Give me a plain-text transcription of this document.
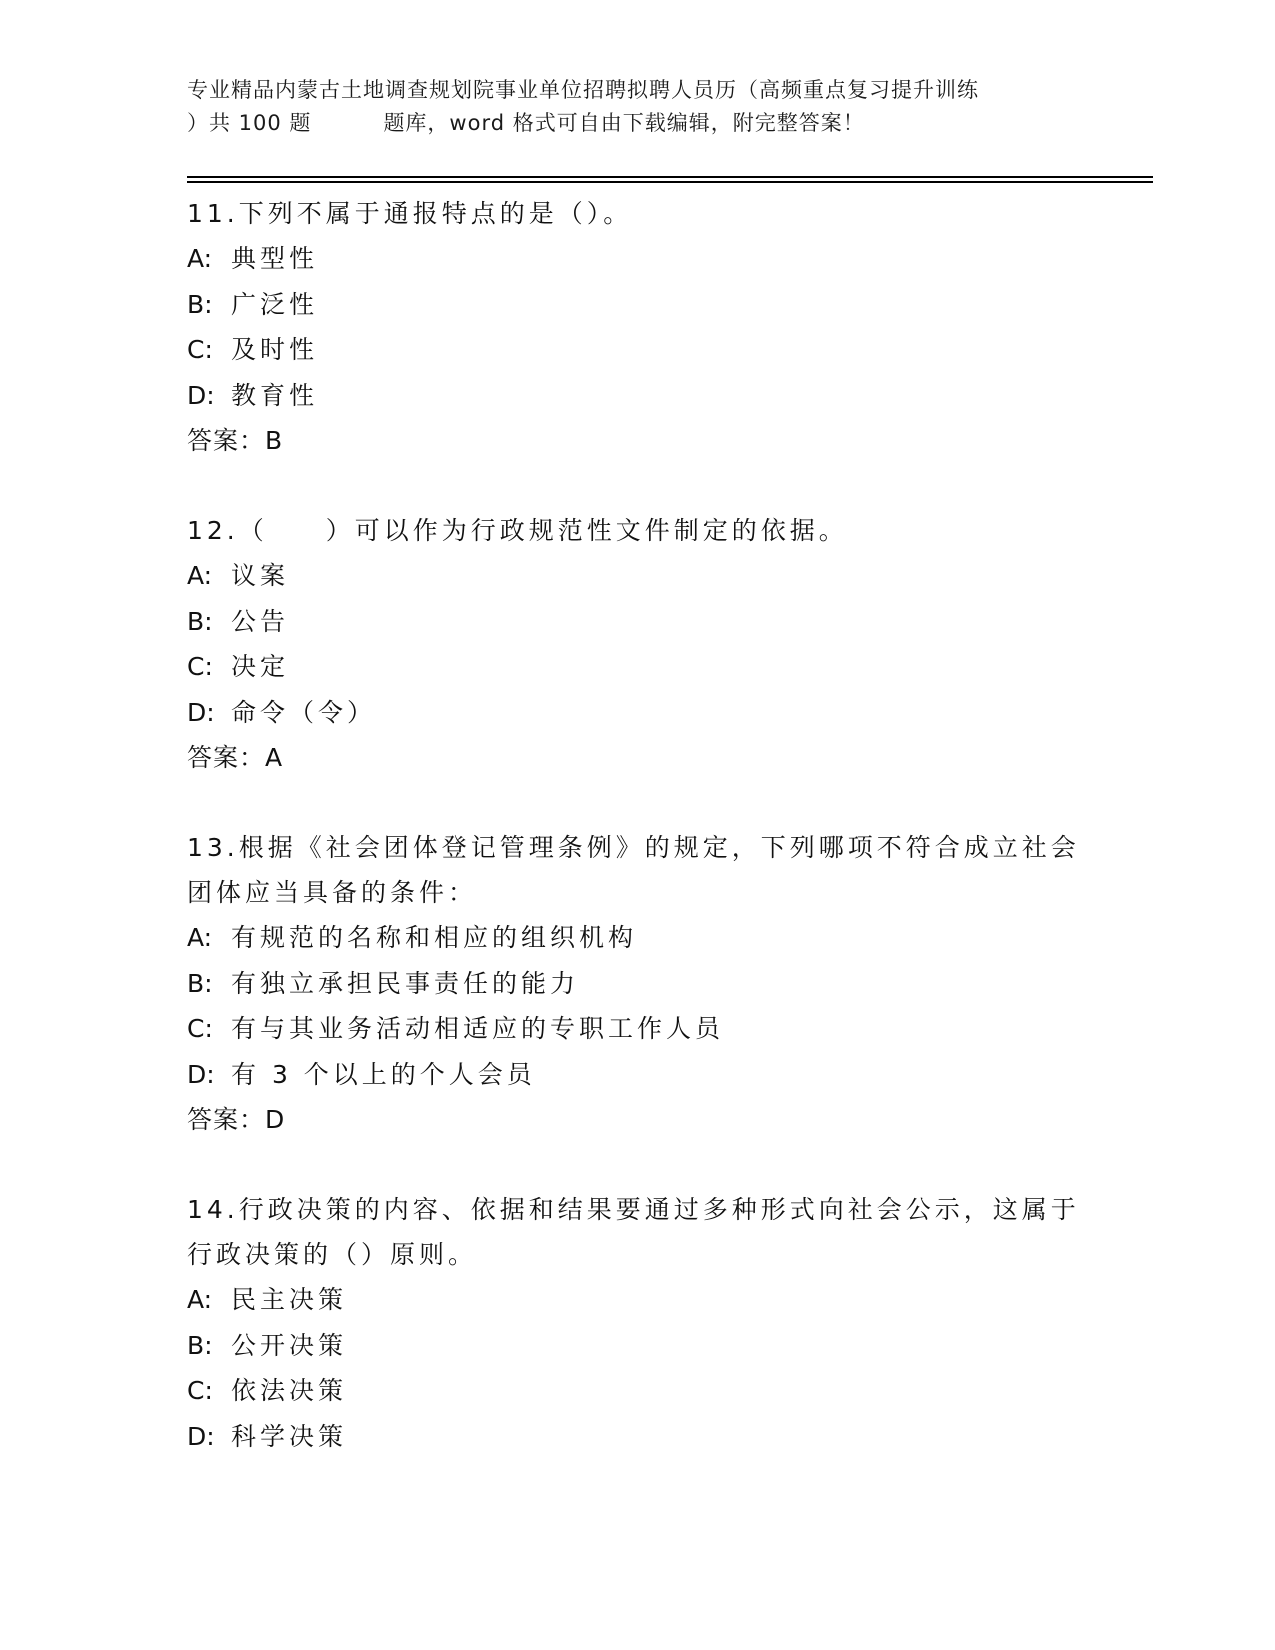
专业精品内蒙古土地调查规划院事业单位招聘拟聘人员历（高频重点复习提升训练
）共 100 题	题库，word 格式可自由下载编辑，附完整答案！

11.下列不属于通报特点的是（）。

A: 典型性

B: 广泛性

C: 及时性

D: 教育性

答案：B

12.（　　）可以作为行政规范性文件制定的依据。

A: 议案

B: 公告

C: 决定

D: 命令（令）

答案：A

13.根据《社会团体登记管理条例》的规定，下列哪项不符合成立社会团体应当具备的条件：

A: 有规范的名称和相应的组织机构

B: 有独立承担民事责任的能力

C: 有与其业务活动相适应的专职工作人员

D: 有 3 个以上的个人会员

答案：D

14.行政决策的内容、依据和结果要通过多种形式向社会公示，这属于行政决策的（）原则。

A: 民主决策

B: 公开决策

C: 依法决策

D: 科学决策
